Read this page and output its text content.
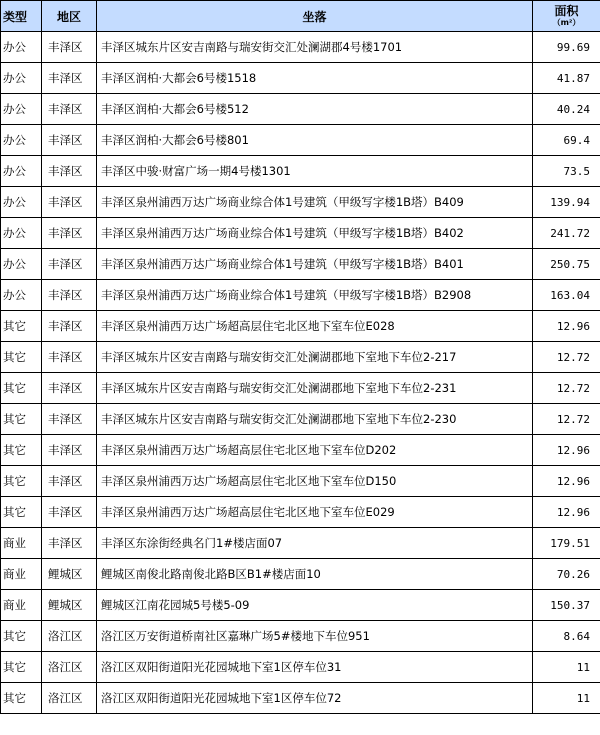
类型	地区	坐落	面积
（m²）

办公	丰泽区	丰泽区城东片区安吉南路与瑞安街交汇处澜湖郡4号楼1701	99.69
办公	丰泽区	丰泽区润柏·大都会6号楼1518	41.87
办公	丰泽区	丰泽区润柏·大都会6号楼512	40.24
办公	丰泽区	丰泽区润柏·大都会6号楼801	69.4
办公	丰泽区	丰泽区中骏·财富广场一期4号楼1301	73.5
办公	丰泽区	丰泽区泉州浦西万达广场商业综合体1号建筑（甲级写字楼1B塔）B409	139.94
办公	丰泽区	丰泽区泉州浦西万达广场商业综合体1号建筑（甲级写字楼1B塔）B402	241.72
办公	丰泽区	丰泽区泉州浦西万达广场商业综合体1号建筑（甲级写字楼1B塔）B401	250.75
办公	丰泽区	丰泽区泉州浦西万达广场商业综合体1号建筑（甲级写字楼1B塔）B2908	163.04
其它	丰泽区	丰泽区泉州浦西万达广场超高层住宅北区地下室车位E028	12.96
其它	丰泽区	丰泽区城东片区安吉南路与瑞安街交汇处澜湖郡地下室地下车位2-217	12.72
其它	丰泽区	丰泽区城东片区安吉南路与瑞安街交汇处澜湖郡地下室地下车位2-231	12.72
其它	丰泽区	丰泽区城东片区安吉南路与瑞安街交汇处澜湖郡地下室地下车位2-230	12.72
其它	丰泽区	丰泽区泉州浦西万达广场超高层住宅北区地下室车位D202	12.96
其它	丰泽区	丰泽区泉州浦西万达广场超高层住宅北区地下室车位D150	12.96
其它	丰泽区	丰泽区泉州浦西万达广场超高层住宅北区地下室车位E029	12.96
商业	丰泽区	丰泽区东涂街经典名门1#楼店面07	179.51
商业	鲤城区	鲤城区南俊北路南俊北路B区B1#楼店面10	70.26
商业	鲤城区	鲤城区江南花园城5号楼5-09	150.37
其它	洛江区	洛江区万安街道桥南社区嘉琳广场5#楼地下车位951	8.64
其它	洛江区	洛江区双阳街道阳光花园城地下室1区停车位31	11
其它	洛江区	洛江区双阳街道阳光花园城地下室1区停车位72	11
